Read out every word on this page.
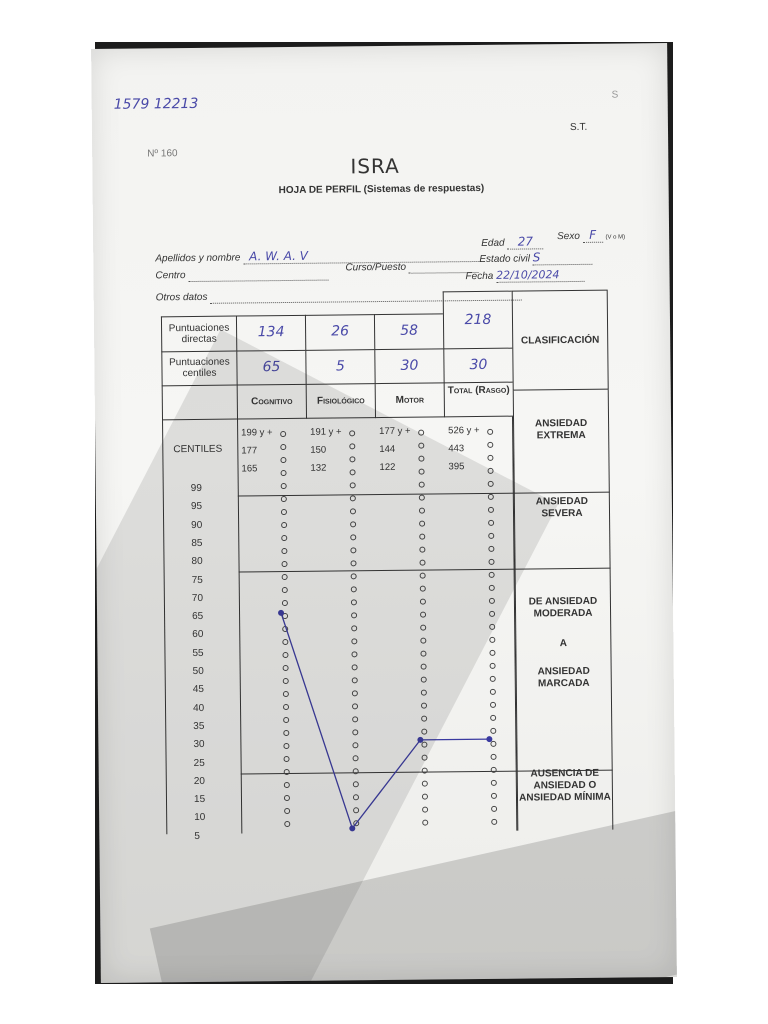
1579 12213
Nº 160
S.T.
S
ISRA
HOJA DE PERFIL (Sistemas de respuestas)
Apellidos y nombre A. W. A. V
Edad 27	Sexo F (V o M)
Centro
Curso/Puesto
Estado civil S
Fecha 22/10/2024
Otros datos
Puntuaciones directas
Puntuaciones centiles
134
65
Cognitivo
26
5
Fisiológico
58
30
Motor
218
30
Total (Rasgo)
CLASIFICACIÓN
CENTILES
ANSIEDAD EXTREMA
ANSIEDAD SEVERA
DE ANSIEDAD MODERADA
A
ANSIEDAD MARCADA
AUSENCIA DE ANSIEDAD O ANSIEDAD MÍNIMA
99
95
90
85
80
75
70
65
60
55
50
45
40
35
30
25
20
15
10
5
199 y +
177
165
191 y +
150
132
177 y +
144
122
526 y +
443
395
